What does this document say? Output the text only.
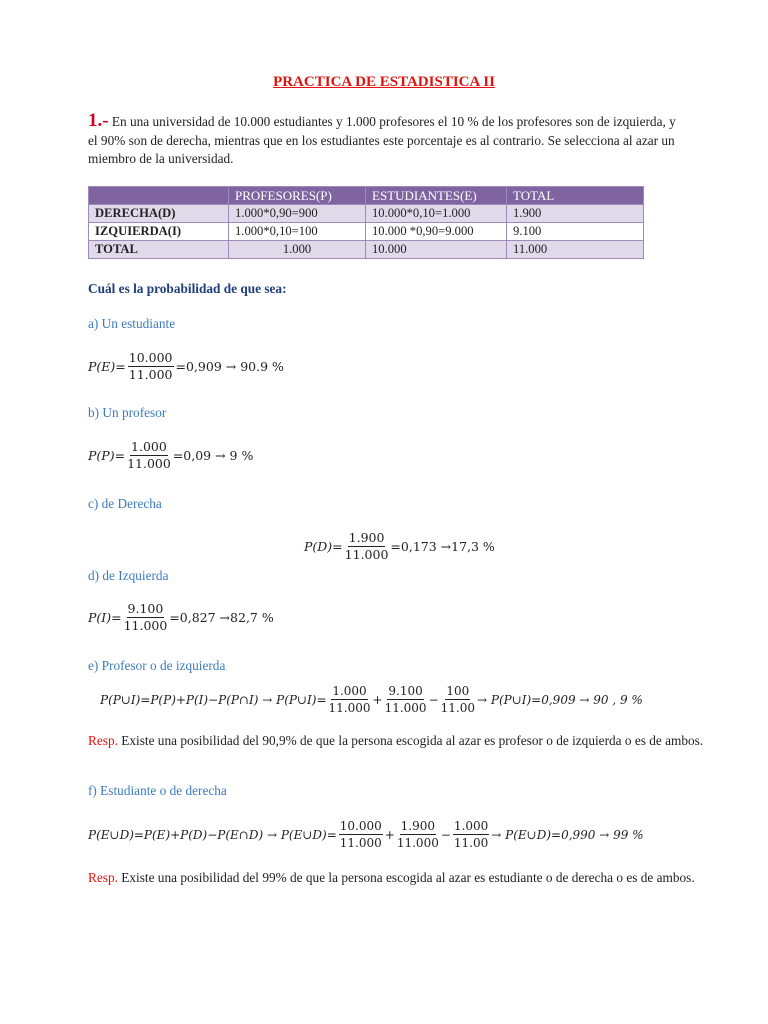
PRACTICA DE ESTADISTICA II
1.- En una universidad de 10.000 estudiantes y 1.000 profesores el 10 % de los profesores son de izquierda, y el 90% son de derecha, mientras que en los estudiantes este porcentaje es al contrario. Se selecciona al azar un miembro de la universidad.
	PROFESORES(P)	ESTUDIANTES(E)	TOTAL
DERECHA(D)	1.000*0,90=900	10.000*0,10=1.000	1.900
IZQUIERDA(I)	1.000*0,10=100	10.000 *0,90=9.000	9.100
TOTAL	1.000	10.000	11.000
Cuál es la probabilidad de que sea:
a) Un estudiante
$P(E)= \frac{10.000}{11.000} =0,909 \to 90.9$ %
b) Un profesor
$P(P)= \frac{1.000}{11.000} =0,09 \to 9$ %
c) de Derecha
$P(D)= \frac{1.900}{11.000} =0,173 \to 17,3$ %
d) de Izquierda
$P(I)= \frac{9.100}{11.000} =0,827 \to 82,7$ %
e) Profesor o de izquierda
P(P∪I)=P(P)+P(I)−P(P∩I) → P(P∪I)= $\frac{1.000}{11.000} + \frac{9.100}{11.000} - \frac{100}{11.00}$ → P(P∪I)=0,909 → 90 , 9 %
Resp. Existe una posibilidad del 90,9% de que la persona escogida al azar es profesor o de izquierda o es de ambos.
f) Estudiante o de derecha
P(E∪D)=P(E)+P(D)−P(E∩D) → P(E∪D)= $\frac{10.000}{11.000} + \frac{1.900}{11.000} - \frac{1.000}{11.00}$ → P(E∪D)=0,990 → 99 %
Resp. Existe una posibilidad del 99% de que la persona escogida al azar es estudiante o de derecha o es de ambos.
